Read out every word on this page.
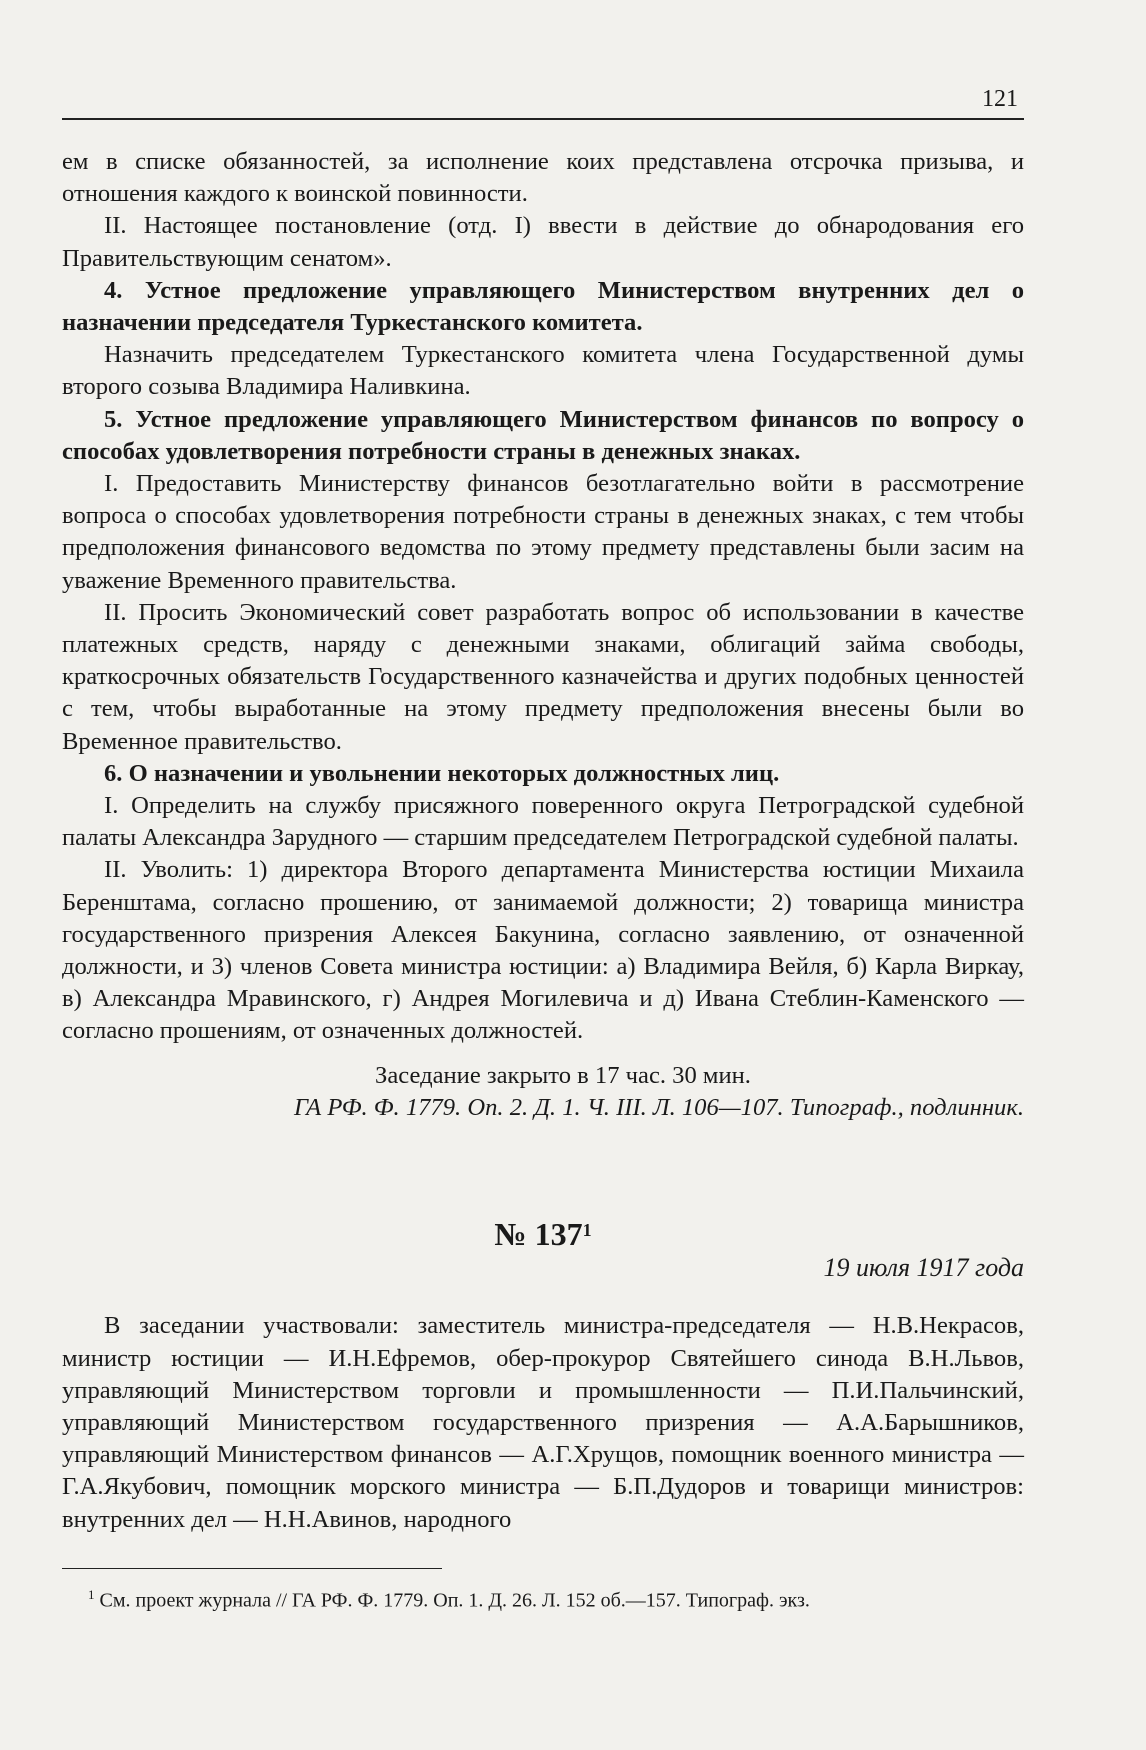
121

ем в списке обязанностей, за исполнение коих представлена отсрочка призыва, и отношения каждого к воинской повинности.

II. Настоящее постановление (отд. I) ввести в действие до обнародования его Правительствующим сенатом».

4. Устное предложение управляющего Министерством внутренних дел о назначении председателя Туркестанского комитета.

Назначить председателем Туркестанского комитета члена Государственной думы второго созыва Владимира Наливкина.

5. Устное предложение управляющего Министерством финансов по вопросу о способах удовлетворения потребности страны в денежных знаках.

I. Предоставить Министерству финансов безотлагательно войти в рассмотрение вопроса о способах удовлетворения потребности страны в денежных знаках, с тем чтобы предположения финансового ведомства по этому предмету представлены были засим на уважение Временного правительства.

II. Просить Экономический совет разработать вопрос об использовании в качестве платежных средств, наряду с денежными знаками, облигаций займа свободы, краткосрочных обязательств Государственного казначейства и других подобных ценностей с тем, чтобы выработанные на этому предмету предположения внесены были во Временное правительство.

6. О назначении и увольнении некоторых должностных лиц.

I. Определить на службу присяжного поверенного округа Петроградской судебной палаты Александра Зарудного — старшим председателем Петроградской судебной палаты.

II. Уволить: 1) директора Второго департамента Министерства юстиции Михаила Беренштама, согласно прошению, от занимаемой должности; 2) товарища министра государственного призрения Алексея Бакунина, согласно заявлению, от означенной должности, и 3) членов Совета министра юстиции: а) Владимира Вейля, б) Карла Виркау, в) Александра Мравинского, г) Андрея Могилевича и д) Ивана Стеблин-Каменского — согласно прошениям, от означенных должностей.

Заседание закрыто в 17 час. 30 мин.

ГА РФ. Ф. 1779. Оп. 2. Д. 1. Ч. III. Л. 106—107. Типограф., подлинник.

№ $137^1$

19 июля 1917 года

В заседании участвовали: заместитель министра-председателя — Н.В.Некрасов, министр юстиции — И.Н.Ефремов, обер-прокурор Святейшего синода В.Н.Львов, управляющий Министерством торговли и промышленности — П.И.Пальчинский, управляющий Министерством государственного призрения — А.А.Барышников, управляющий Министерством финансов — А.Г.Хрущов, помощник военного министра — Г.А.Якубович, помощник морского министра — Б.П.Дудоров и товарищи министров: внутренних дел — Н.Н.Авинов, народного

$^1$ См. проект журнала // ГА РФ. Ф. 1779. Оп. 1. Д. 26. Л. 152 об.—157. Типограф. экз.
